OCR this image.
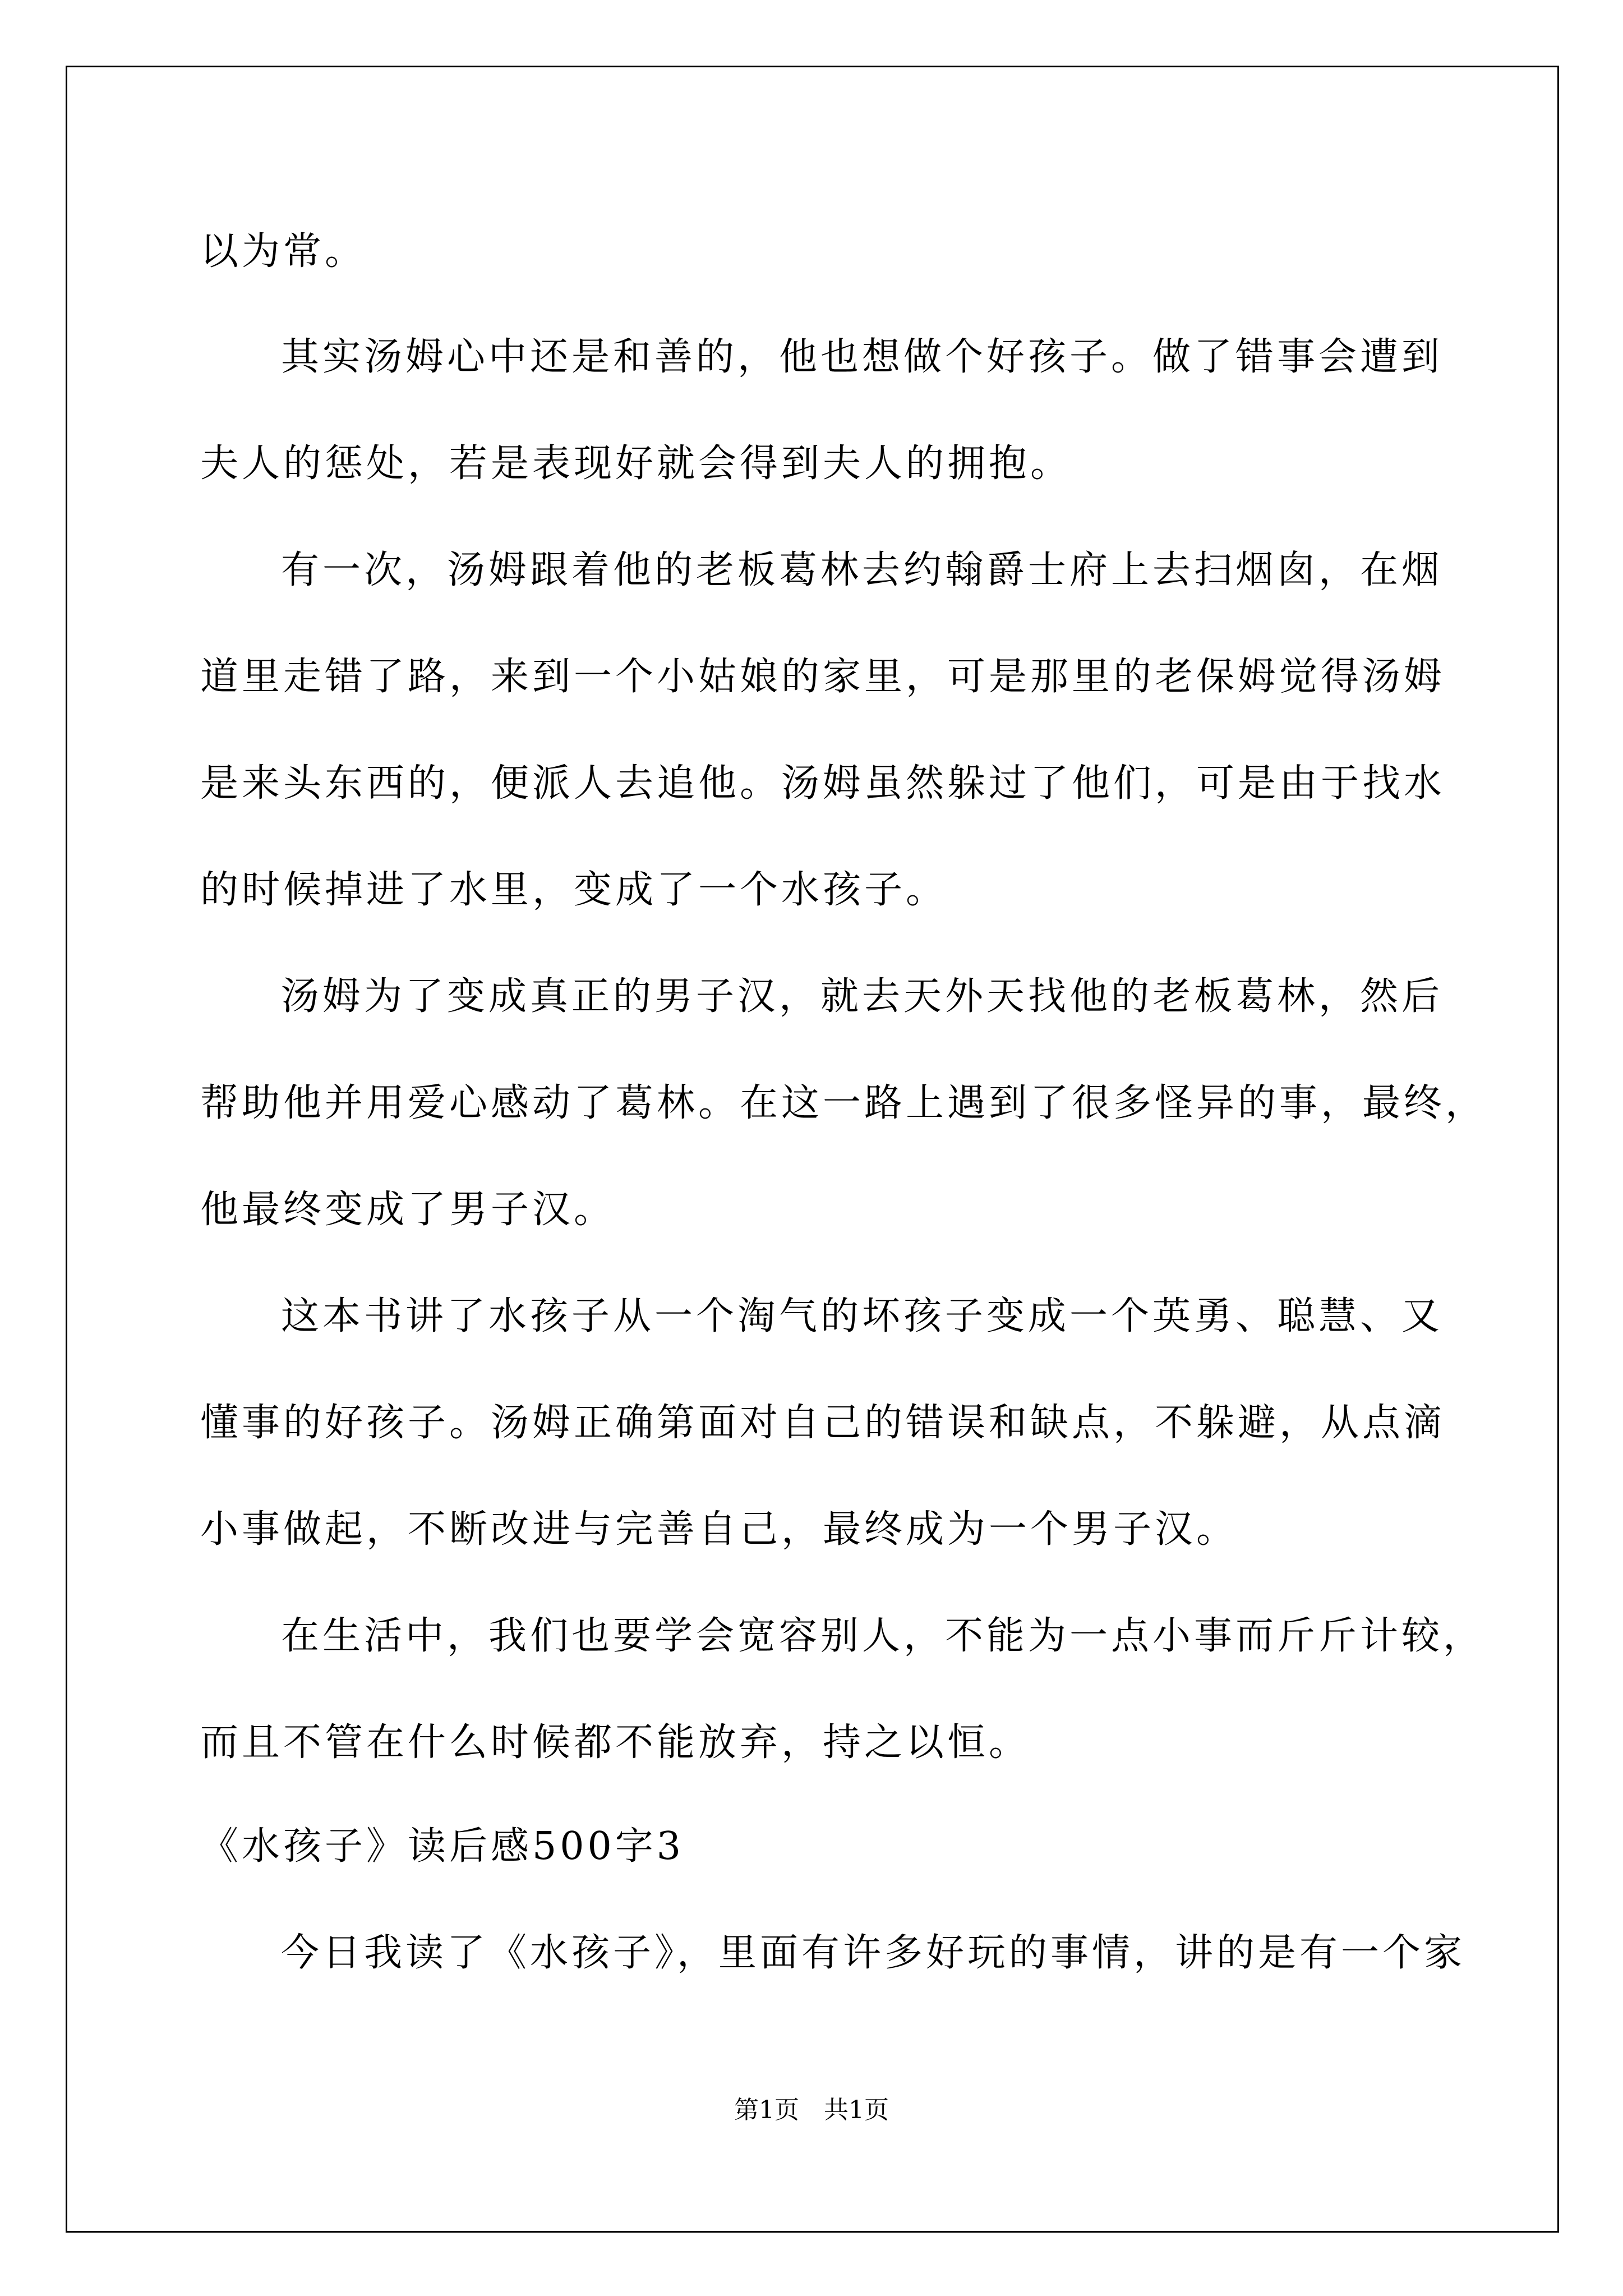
以为常。
其实汤姆心中还是和善的，他也想做个好孩子。做了错事会遭到
夫人的惩处，若是表现好就会得到夫人的拥抱。
有一次，汤姆跟着他的老板葛林去约翰爵士府上去扫烟囱，在烟
道里走错了路，来到一个小姑娘的家里，可是那里的老保姆觉得汤姆
是来头东西的，便派人去追他。汤姆虽然躲过了他们，可是由于找水
的时候掉进了水里，变成了一个水孩子。
汤姆为了变成真正的男子汉，就去天外天找他的老板葛林，然后
帮助他并用爱心感动了葛林。在这一路上遇到了很多怪异的事，最终，
他最终变成了男子汉。
这本书讲了水孩子从一个淘气的坏孩子变成一个英勇、聪慧、又
懂事的好孩子。汤姆正确第面对自己的错误和缺点，不躲避，从点滴
小事做起，不断改进与完善自己，最终成为一个男子汉。
在生活中，我们也要学会宽容别人，不能为一点小事而斤斤计较，
而且不管在什么时候都不能放弃，持之以恒。
《水孩子》读后感500字3
今日我读了《水孩子》，里面有许多好玩的事情，讲的是有一个家
第1页　共1页
